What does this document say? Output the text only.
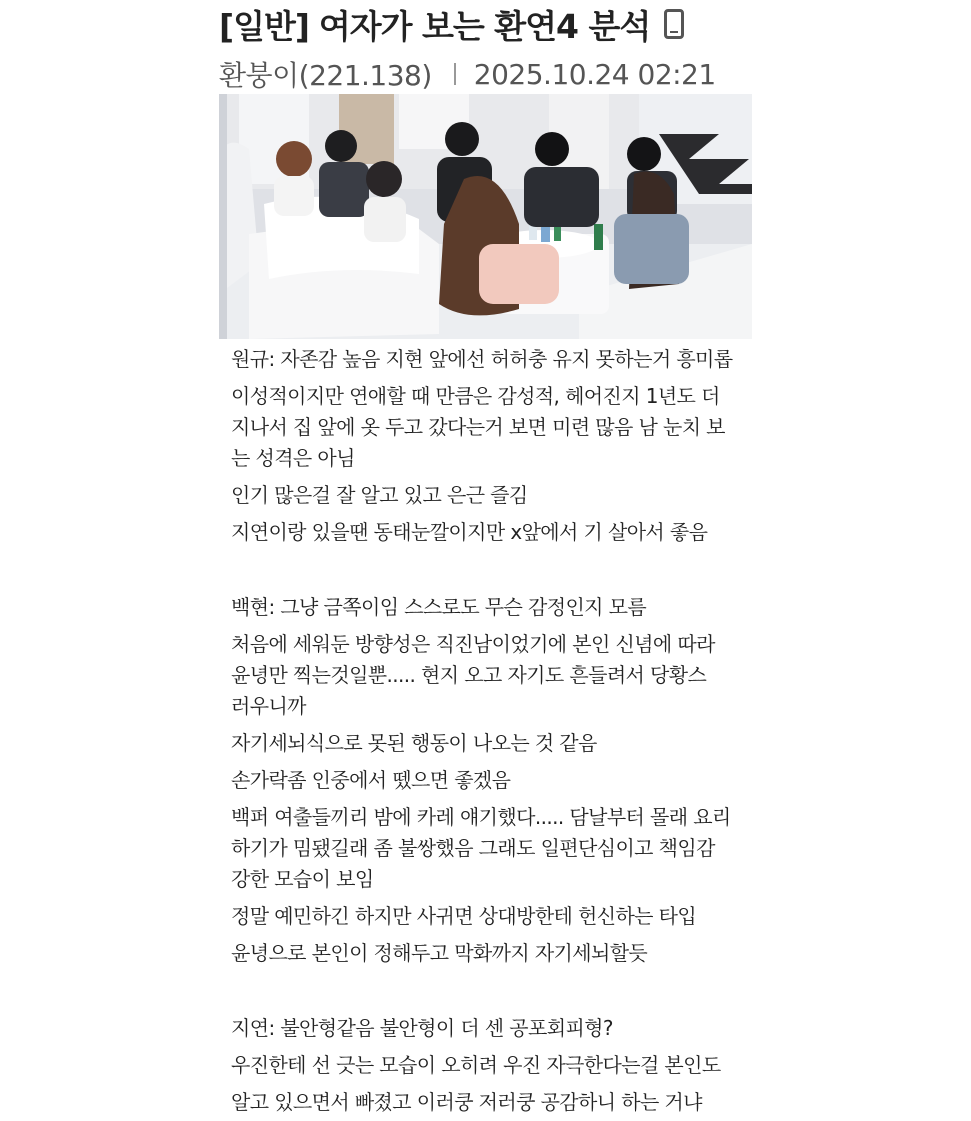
[일반] 여자가 보는 환연4 분석
환붕이(221.138) 2025.10.24 02:21

원규: 자존감 높음 지현 앞에선 허허충 유지 못하는거 흥미롭

이성적이지만 연애할 때 만큼은 감성적, 헤어진지 1년도 더
지나서 집 앞에 옷 두고 갔다는거 보면 미련 많음 남 눈치 보
는 성격은 아님

인기 많은걸 잘 알고 있고 은근 즐김

지연이랑 있을땐 동태눈깔이지만 x앞에서 기 살아서 좋음

백현: 그냥 금쪽이임 스스로도 무슨 감정인지 모름

처음에 세워둔 방향성은 직진남이었기에 본인 신념에 따라
윤녕만 찍는것일뿐..... 현지 오고 자기도 흔들려서 당황스
러우니까

자기세뇌식으로 못된 행동이 나오는 것 같음

손가락좀 인중에서 뗐으면 좋겠음

백퍼 여출들끼리 밤에 카레 얘기했다..... 담날부터 몰래 요리
하기가 밈됐길래 좀 불쌍했음 그래도 일편단심이고 책임감
강한 모습이 보임

정말 예민하긴 하지만 사귀면 상대방한테 헌신하는 타입

윤녕으로 본인이 정해두고 막화까지 자기세뇌할듯

지연: 불안형같음 불안형이 더 센 공포회피형?

우진한테 선 긋는 모습이 오히려 우진 자극한다는걸 본인도

알고 있으면서 빠졌고 이러쿵 저러쿵 공감하니 하는 거냐
